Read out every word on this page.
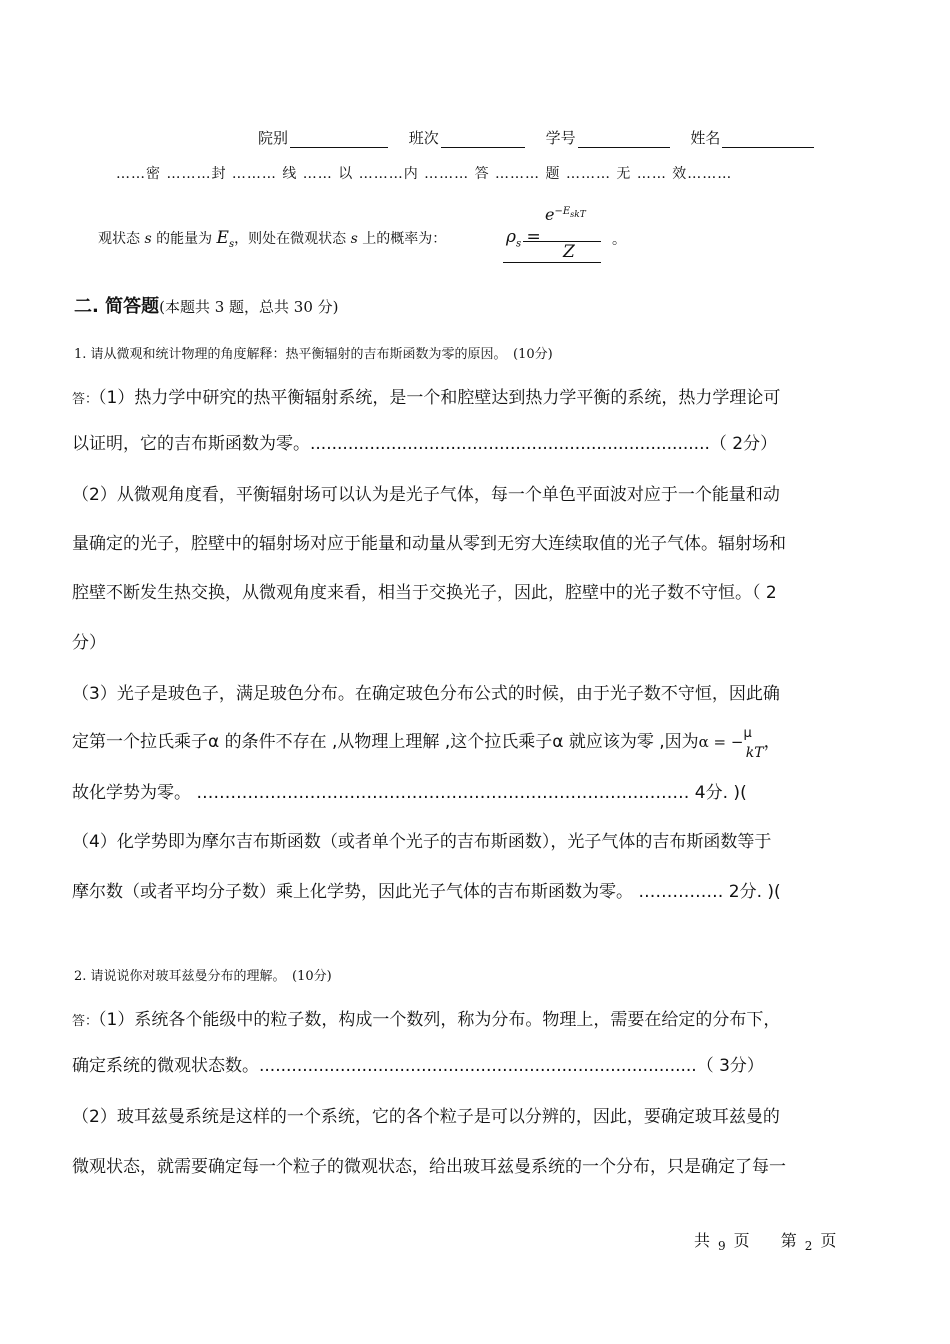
院别	班次	学号	姓名
……密 ………封 ……… 线 …… 以 ………内 ……… 答 ……… 题 ……… 无 …… 效………
观状态 s 的能量为 $E_s$，则处在微观状态 s 上的概率为：	$\rho_s$ =
$e^{-E_{skT}}$
Z
。
二. 简答题(本题共 3 题，总共 30 分)
1. 请从微观和统计物理的角度解释：热平衡辐射的吉布斯函数为零的原因。　(10分)
答：（1）热力学中研究的热平衡辐射系统，是一个和腔壁达到热力学平衡的系统，热力学理论可
以证明，它的吉布斯函数为零。..........................................................................（ 2分）
（2）从微观角度看，平衡辐射场可以认为是光子气体，每一个单色平面波对应于一个能量和动
量确定的光子，腔壁中的辐射场对应于能量和动量从零到无穷大连续取值的光子气体。辐射场和
腔壁不断发生热交换，从微观角度来看，相当于交换光子，因此，腔壁中的光子数不守恒。（ 2
分）
（3）光子是玻色子，满足玻色分布。在确定玻色分布公式的时候，由于光子数不守恒，因此确
定第一个拉氏乘子α 的条件不存在 ,从物理上理解 ,这个拉氏乘子α 就应该为零 ,因为α = −$^\mu_{kT}$，
故化学势为零。 …………………………………………………………………………… 4分. )(
（4）化学势即为摩尔吉布斯函数（或者单个光子的吉布斯函数），光子气体的吉布斯函数等于
摩尔数（或者平均分子数）乘上化学势，因此光子气体的吉布斯函数为零。 …………… 2分. )(
2. 请说说你对玻耳兹曼分布的理解。　(10分)
答：（1）系统各个能级中的粒子数，构成一个数列，称为分布。物理上，需要在给定的分布下，
确定系统的微观状态数。.................................................................................（ 3分）
（2）玻耳兹曼系统是这样的一个系统，它的各个粒子是可以分辨的，因此，要确定玻耳兹曼的
微观状态，就需要确定每一个粒子的微观状态，给出玻耳兹曼系统的一个分布，只是确定了每一
共 $_9$ 页 第 $_2$ 页
